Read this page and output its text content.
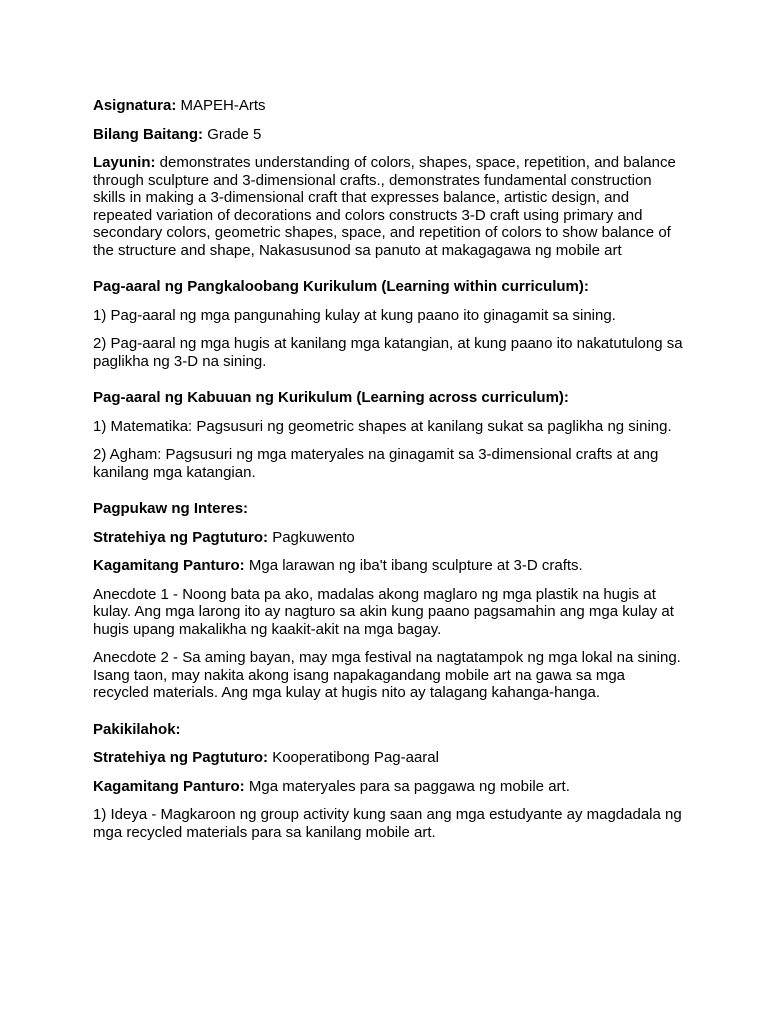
Asignatura: MAPEH-Arts

Bilang Baitang: Grade 5

Layunin: demonstrates understanding of colors, shapes, space, repetition, and balance through sculpture and 3-dimensional crafts., demonstrates fundamental construction skills in making a 3-dimensional craft that expresses balance, artistic design, and repeated variation of decorations and colors constructs 3-D craft using primary and secondary colors, geometric shapes, space, and repetition of colors to show balance of the structure and shape, Nakasusunod sa panuto at makagagawa ng mobile art

Pag-aaral ng Pangkaloobang Kurikulum (Learning within curriculum):

1) Pag-aaral ng mga pangunahing kulay at kung paano ito ginagamit sa sining.

2) Pag-aaral ng mga hugis at kanilang mga katangian, at kung paano ito nakatutulong sa paglikha ng 3-D na sining.

Pag-aaral ng Kabuuan ng Kurikulum (Learning across curriculum):

1) Matematika: Pagsusuri ng geometric shapes at kanilang sukat sa paglikha ng sining.

2) Agham: Pagsusuri ng mga materyales na ginagamit sa 3-dimensional crafts at ang kanilang mga katangian.

Pagpukaw ng Interes:

Stratehiya ng Pagtuturo: Pagkuwento

Kagamitang Panturo: Mga larawan ng iba't ibang sculpture at 3-D crafts.

Anecdote 1 - Noong bata pa ako, madalas akong maglaro ng mga plastik na hugis at kulay. Ang mga larong ito ay nagturo sa akin kung paano pagsamahin ang mga kulay at hugis upang makalikha ng kaakit-akit na mga bagay.

Anecdote 2 - Sa aming bayan, may mga festival na nagtatampok ng mga lokal na sining. Isang taon, may nakita akong isang napakagandang mobile art na gawa sa mga recycled materials. Ang mga kulay at hugis nito ay talagang kahanga-hanga.

Pakikilahok:

Stratehiya ng Pagtuturo: Kooperatibong Pag-aaral

Kagamitang Panturo: Mga materyales para sa paggawa ng mobile art.

1) Ideya - Magkaroon ng group activity kung saan ang mga estudyante ay magdadala ng mga recycled materials para sa kanilang mobile art.
